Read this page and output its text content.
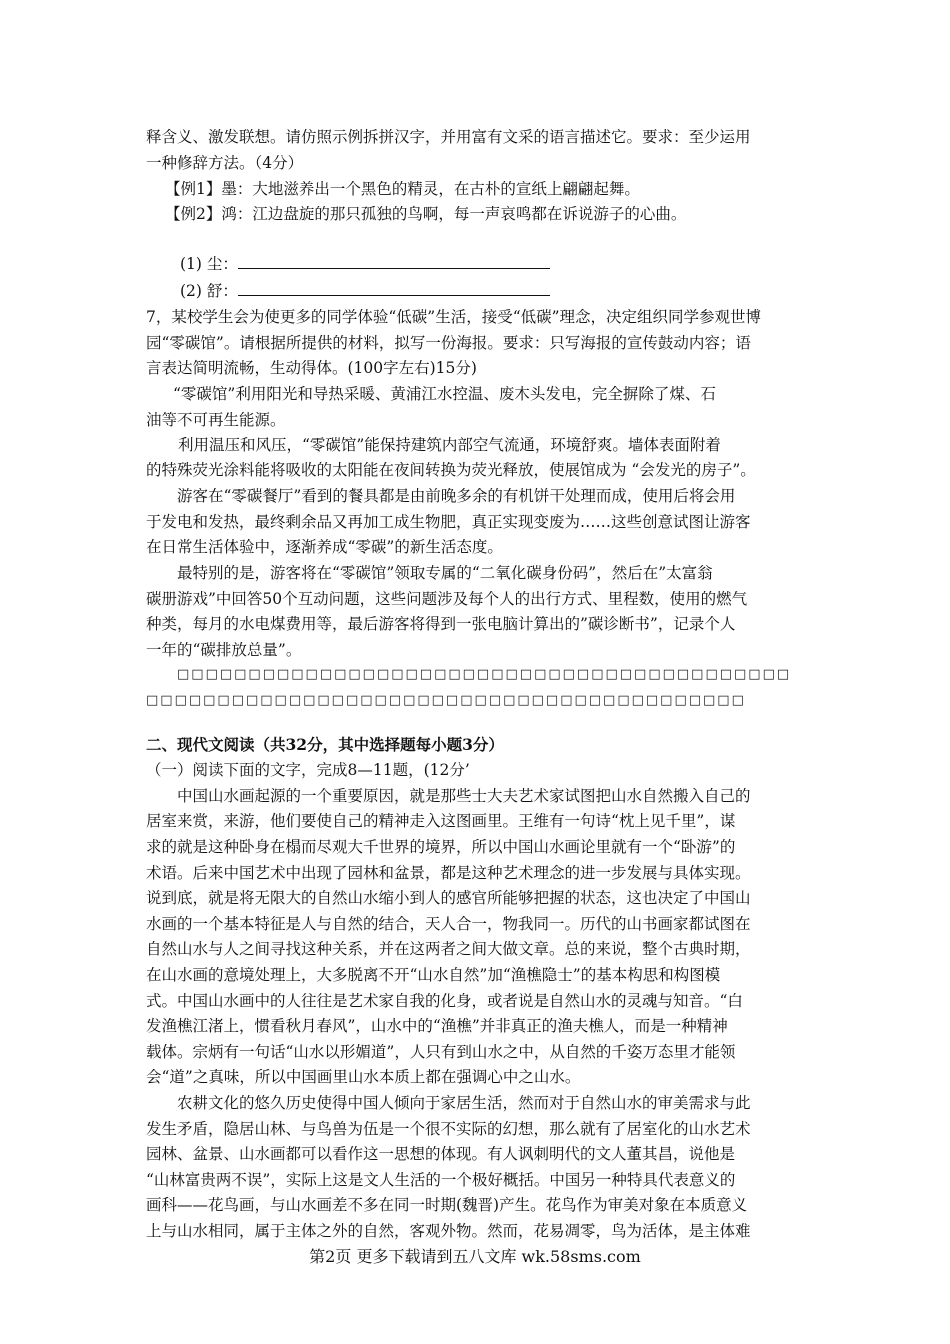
释含义、激发联想。请仿照示例拆拼汉字，并用富有文采的语言描述它。要求：至少运用
一种修辞方法。（4分）
【例1】墨：大地滋养出一个黑色的精灵，在古朴的宣纸上翩翩起舞。
【例2】鸿：江边盘旋的那只孤独的鸟啊，每一声哀鸣都在诉说游子的心曲。
(1) 尘：
(2) 舒：
7，某校学生会为使更多的同学体验“低碳”生活，接受“低碳”理念，决定组织同学参观世博
园“零碳馆”。请根据所提供的材料，拟写一份海报。要求：只写海报的宣传鼓动内容；语
言表达简明流畅，生动得体。(100字左右)15分)
“零碳馆”利用阳光和导热采暖、黄浦江水控温、废木头发电，完全摒除了煤、石
油等不可再生能源。
利用温压和风压，“零碳馆”能保持建筑内部空气流通，环境舒爽。墙体表面附着
的特殊荧光涂料能将吸收的太阳能在夜间转换为荧光释放，使展馆成为 “会发光的房子”。
游客在“零碳餐厅”看到的餐具都是由前晚多余的有机饼干处理而成，使用后将会用
于发电和发热，最终剩余品又再加工成生物肥，真正实现变废为……这些创意试图让游客
在日常生活体验中，逐渐养成“零碳”的新生活态度。
最特别的是，游客将在“零碳馆”领取专属的“二氧化碳身份码”，然后在”太富翁
碳册游戏”中回答50个互动问题，这些问题涉及每个人的出行方式、里程数，使用的燃气
种类，每月的水电煤费用等，最后游客将得到一张电脑计算出的”碳诊断书”，记录个人
一年的“碳排放总量”。
□□□□□□□□□□□□□□□□□□□□□□□□□□□□□□□□□□□□□□□□□□□
□□□□□□□□□□□□□□□□□□□□□□□□□□□□□□□□□□□□□□□□□□
二、现代文阅读（共32分，其中选择题每小题3分）
（一）阅读下面的文字，完成8—11题，(12分’
中国山水画起源的一个重要原因，就是那些士大夫艺术家试图把山水自然搬入自己的
居室来赏，来游，他们要使自己的精神走入这图画里。王维有一句诗“枕上见千里”，谋
求的就是这种卧身在榻而尽观大千世界的境界，所以中国山水画论里就有一个“卧游”的
术语。后来中国艺术中出现了园林和盆景，都是这种艺术理念的进一步发展与具体实现。
说到底，就是将无限大的自然山水缩小到人的感官所能够把握的状态，这也决定了中国山
水画的一个基本特征是人与自然的结合，天人合一，物我同一。历代的山书画家都试图在
自然山水与人之间寻找这种关系，并在这两者之间大做文章。总的来说，整个古典时期，
在山水画的意境处理上，大多脱离不开“山水自然”加“渔樵隐士”的基本构思和构图模
式。中国山水画中的人往往是艺术家自我的化身，或者说是自然山水的灵魂与知音。“白
发渔樵江渚上，惯看秋月春风”，山水中的“渔樵”并非真正的渔夫樵人，而是一种精神
载体。宗炳有一句话“山水以形媚道”，人只有到山水之中，从自然的千姿万态里才能领
会“道”之真味，所以中国画里山水本质上都在强调心中之山水。
农耕文化的悠久历史使得中国人倾向于家居生活，然而对于自然山水的审美需求与此
发生矛盾，隐居山林、与鸟兽为伍是一个很不实际的幻想，那么就有了居室化的山水艺术
园林、盆景、山水画都可以看作这一思想的体现。有人讽刺明代的文人董其昌，说他是
“山林富贵两不误”，实际上这是文人生活的一个极好概括。中国另一种特具代表意义的
画科——花鸟画，与山水画差不多在同一时期(魏晋)产生。花鸟作为审美对象在本质意义
上与山水相同，属于主体之外的自然，客观外物。然而，花易凋零，鸟为活体，是主体难
第2页 更多下载请到五八文库 wk.58sms.com
